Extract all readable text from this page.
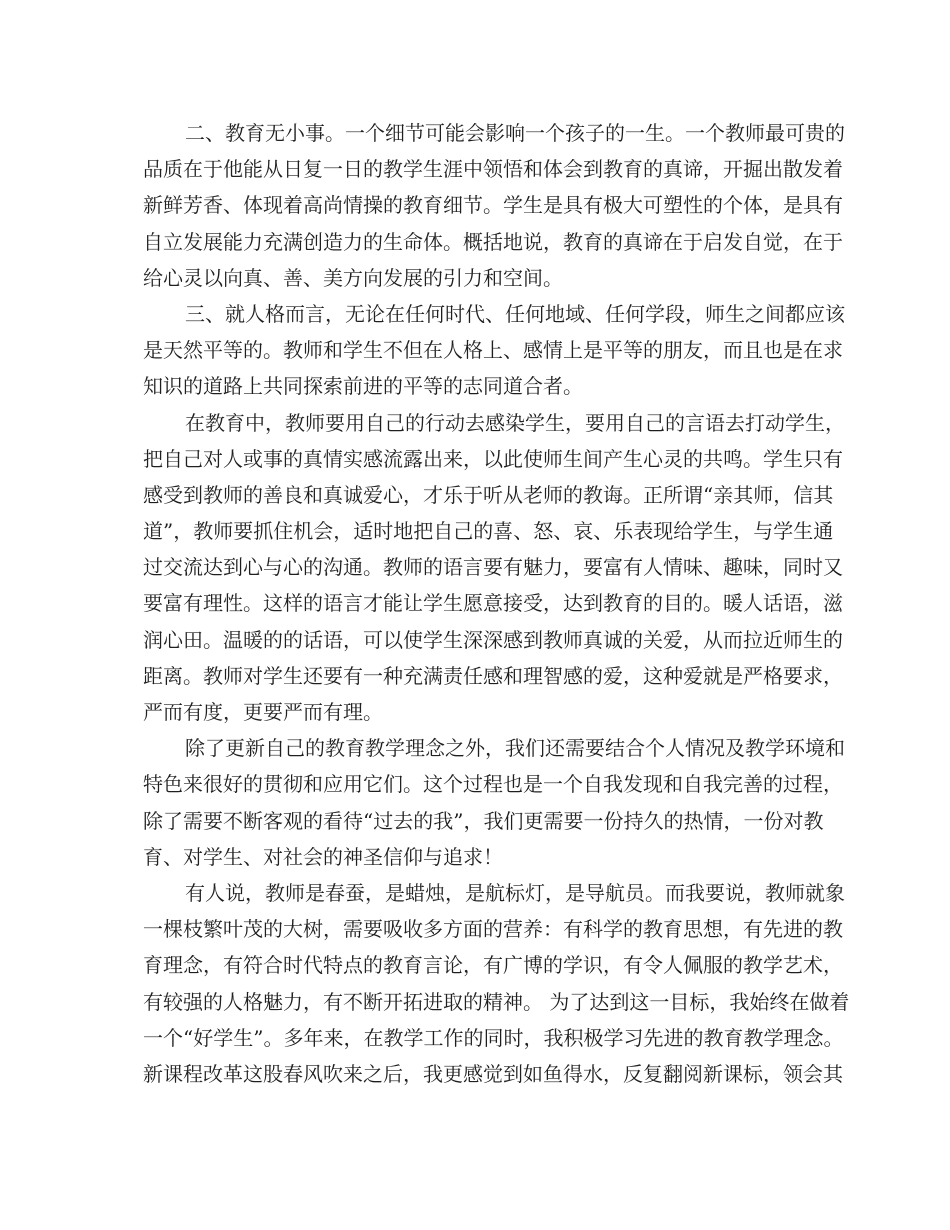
二、教育无小事。一个细节可能会影响一个孩子的一生。一个教师最可贵的
品质在于他能从日复一日的教学生涯中领悟和体会到教育的真谛，开掘出散发着
新鲜芳香、体现着高尚情操的教育细节。学生是具有极大可塑性的个体，是具有
自立发展能力充满创造力的生命体。概括地说，教育的真谛在于启发自觉，在于
给心灵以向真、善、美方向发展的引力和空间。
三、就人格而言，无论在任何时代、任何地域、任何学段，师生之间都应该
是天然平等的。教师和学生不但在人格上、感情上是平等的朋友，而且也是在求
知识的道路上共同探索前进的平等的志同道合者。
在教育中，教师要用自己的行动去感染学生，要用自己的言语去打动学生，
把自己对人或事的真情实感流露出来，以此使师生间产生心灵的共鸣。学生只有
感受到教师的善良和真诚爱心，才乐于听从老师的教诲。正所谓“亲其师，信其
道”，教师要抓住机会，适时地把自己的喜、怒、哀、乐表现给学生，与学生通
过交流达到心与心的沟通。教师的语言要有魅力，要富有人情味、趣味，同时又
要富有理性。这样的语言才能让学生愿意接受，达到教育的目的。暖人话语，滋
润心田。温暖的的话语，可以使学生深深感到教师真诚的关爱，从而拉近师生的
距离。教师对学生还要有一种充满责任感和理智感的爱，这种爱就是严格要求，
严而有度，更要严而有理。
除了更新自己的教育教学理念之外，我们还需要结合个人情况及教学环境和
特色来很好的贯彻和应用它们。这个过程也是一个自我发现和自我完善的过程，
除了需要不断客观的看待“过去的我”，我们更需要一份持久的热情，一份对教
育、对学生、对社会的神圣信仰与追求！
有人说，教师是春蚕，是蜡烛，是航标灯，是导航员。而我要说，教师就象
一棵枝繁叶茂的大树，需要吸收多方面的营养：有科学的教育思想，有先进的教
育理念，有符合时代特点的教育言论，有广博的学识，有令人佩服的教学艺术，
有较强的人格魅力，有不断开拓进取的精神。 为了达到这一目标，我始终在做着
一个“好学生”。多年来，在教学工作的同时，我积极学习先进的教育教学理念。
新课程改革这股春风吹来之后，我更感觉到如鱼得水，反复翻阅新课标，领会其
